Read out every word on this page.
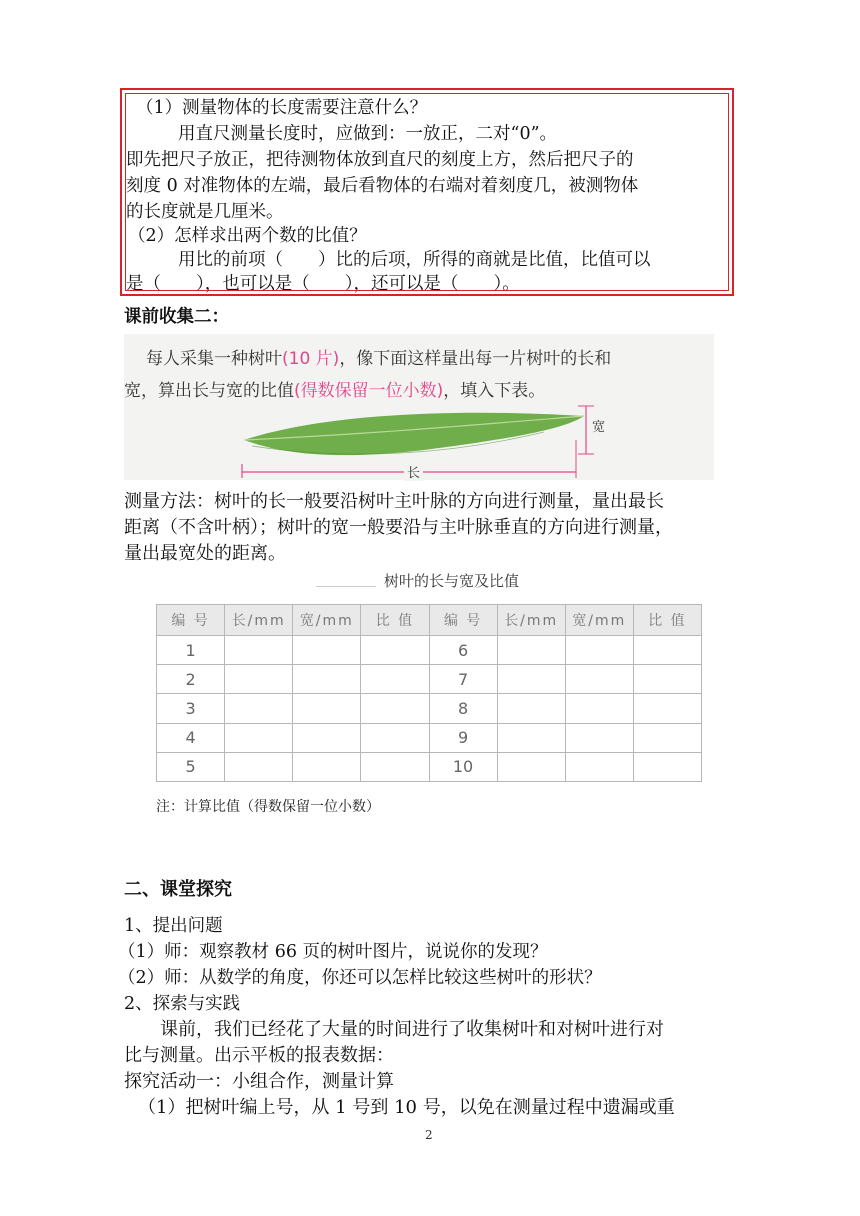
（1）测量物体的长度需要注意什么？
用直尺测量长度时，应做到：一放正，二对“0”。
即先把尺子放正，把待测物体放到直尺的刻度上方，然后把尺子的
刻度 0 对准物体的左端，最后看物体的右端对着刻度几，被测物体
的长度就是几厘米。
（2）怎样求出两个数的比值？
用比的前项（　　）比的后项，所得的商就是比值，比值可以
是（　　），也可以是（　　），还可以是（　　）。
课前收集二：
每人采集一种树叶(10 片)，像下面这样量出每一片树叶的长和
宽，算出长与宽的比值(得数保留一位小数)，填入下表。
宽
长
测量方法：树叶的长一般要沿树叶主叶脉的方向进行测量，量出最长
距离（不含叶柄）；树叶的宽一般要沿与主叶脉垂直的方向进行测量，
量出最宽处的距离。
树叶的长与宽及比值
编 号	长/mm	宽/mm	比 值	编 号	长/mm	宽/mm	比 值
1				6			
2				7			
3				8			
4				9			
5				10			
注：计算比值（得数保留一位小数）
二、课堂探究
1、提出问题
（1）师：观察教材 66 页的树叶图片，说说你的发现？
（2）师：从数学的角度，你还可以怎样比较这些树叶的形状？
2、探索与实践
课前，我们已经花了大量的时间进行了收集树叶和对树叶进行对
比与测量。出示平板的报表数据：
探究活动一：小组合作，测量计算
（1）把树叶编上号，从 1 号到 10 号，以免在测量过程中遗漏或重
2
